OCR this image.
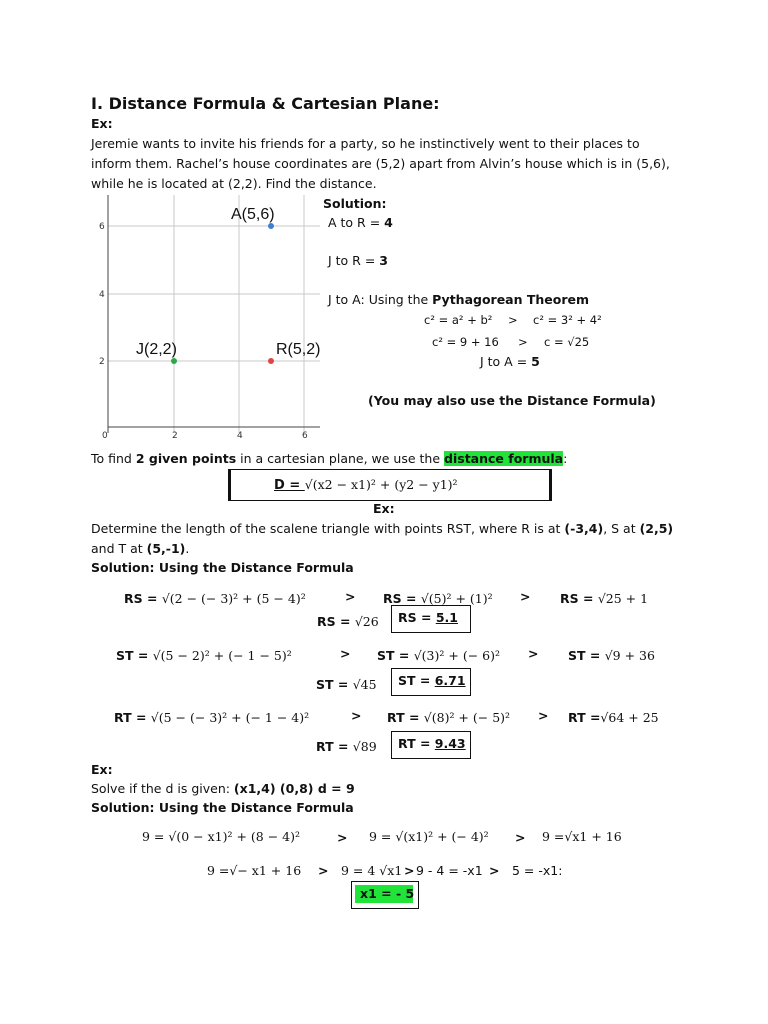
I. Distance Formula & Cartesian Plane:
Ex:
Jeremie wants to invite his friends for a party, so he instinctively went to their places to
inform them. Rachel’s house coordinates are (5,2) apart from Alvin’s house which is in (5,6),
while he is located at (2,2). Find the distance.
0	2	4	6
6
4
2
A(5,6)
J(2,2)	R(5,2)
Solution:
A to R = 4
J to R = 3
J to A: Using the Pythagorean Theorem
c² = a² + b² > c² = 3² + 4²
c² = 9 + 16 > c = √25
J to A = 5
(You may also use the Distance Formula)
To find 2 given points in a cartesian plane, we use the distance formula:
D = √(x2 − x1)² + (y2 − y1)²
Ex:
Determine the length of the scalene triangle with points RST, where R is at (-3,4), S at (2,5)
and T at (5,-1).
Solution: Using the Distance Formula
RS = √(2 − (− 3)² + (5 − 4)²	> RS = √(5)² + (1)² > RS = √25 + 1
RS = √26 RS = 5.1
ST = √(5 − 2)² + (− 1 − 5)²	> ST = √(3)² + (− 6)² > ST = √9 + 36
ST = √45 ST = 6.71
RT = √(5 − (− 3)² + (− 1 − 4)²	> RT = √(8)² + (− 5)² > RT =√64 + 25
RT = √89 RT = 9.43
Ex:
Solve if the d is given: (x1,4) (0,8) d = 9
Solution: Using the Distance Formula
9 = √(0 − x1)² + (8 − 4)²	> 9 = √(x1)² + (− 4)² > 9 =√x1 + 16
9 =√− x1 + 16 > 9 = 4 √x1 > 9 - 4 = -x1 > 5 = -x1:
x1 = - 5
